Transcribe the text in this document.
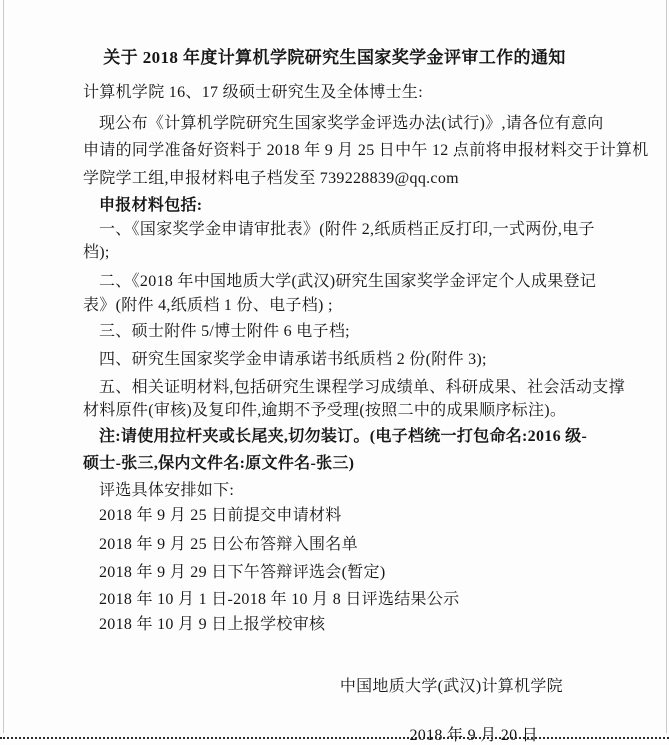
关于 2018 年度计算机学院研究生国家奖学金评审工作的通知
计算机学院 16、17 级硕士研究生及全体博士生:
现公布《计算机学院研究生国家奖学金评选办法(试行)》,请各位有意向
申请的同学准备好资料于 2018 年 9 月 25 日中午 12 点前将申报材料交于计算机
学院学工组,申报材料电子档发至 739228839@qq.com
申报材料包括:
一、《国家奖学金申请审批表》(附件 2,纸质档正反打印,一式两份,电子
档);
二、《2018 年中国地质大学(武汉)研究生国家奖学金评定个人成果登记
表》(附件 4,纸质档 1 份、电子档) ;
三、硕士附件 5/博士附件 6 电子档;
四、研究生国家奖学金申请承诺书纸质档 2 份(附件 3);
五、相关证明材料,包括研究生课程学习成绩单、科研成果、社会活动支撑
材料原件(审核)及复印件,逾期不予受理(按照二中的成果顺序标注)。
注:请使用拉杆夹或长尾夹,切勿装订。(电子档统一打包命名:2016 级-
硕士-张三,保内文件名:原文件名-张三)
评选具体安排如下:
2018 年 9 月 25 日前提交申请材料
2018 年 9 月 25 日公布答辩入围名单
2018 年 9 月 29 日下午答辩评选会(暂定)
2018 年 10 月 1 日-2018 年 10 月 8 日评选结果公示
2018 年 10 月 9 日上报学校审核
中国地质大学(武汉)计算机学院
2018 年 9 月 20 日
